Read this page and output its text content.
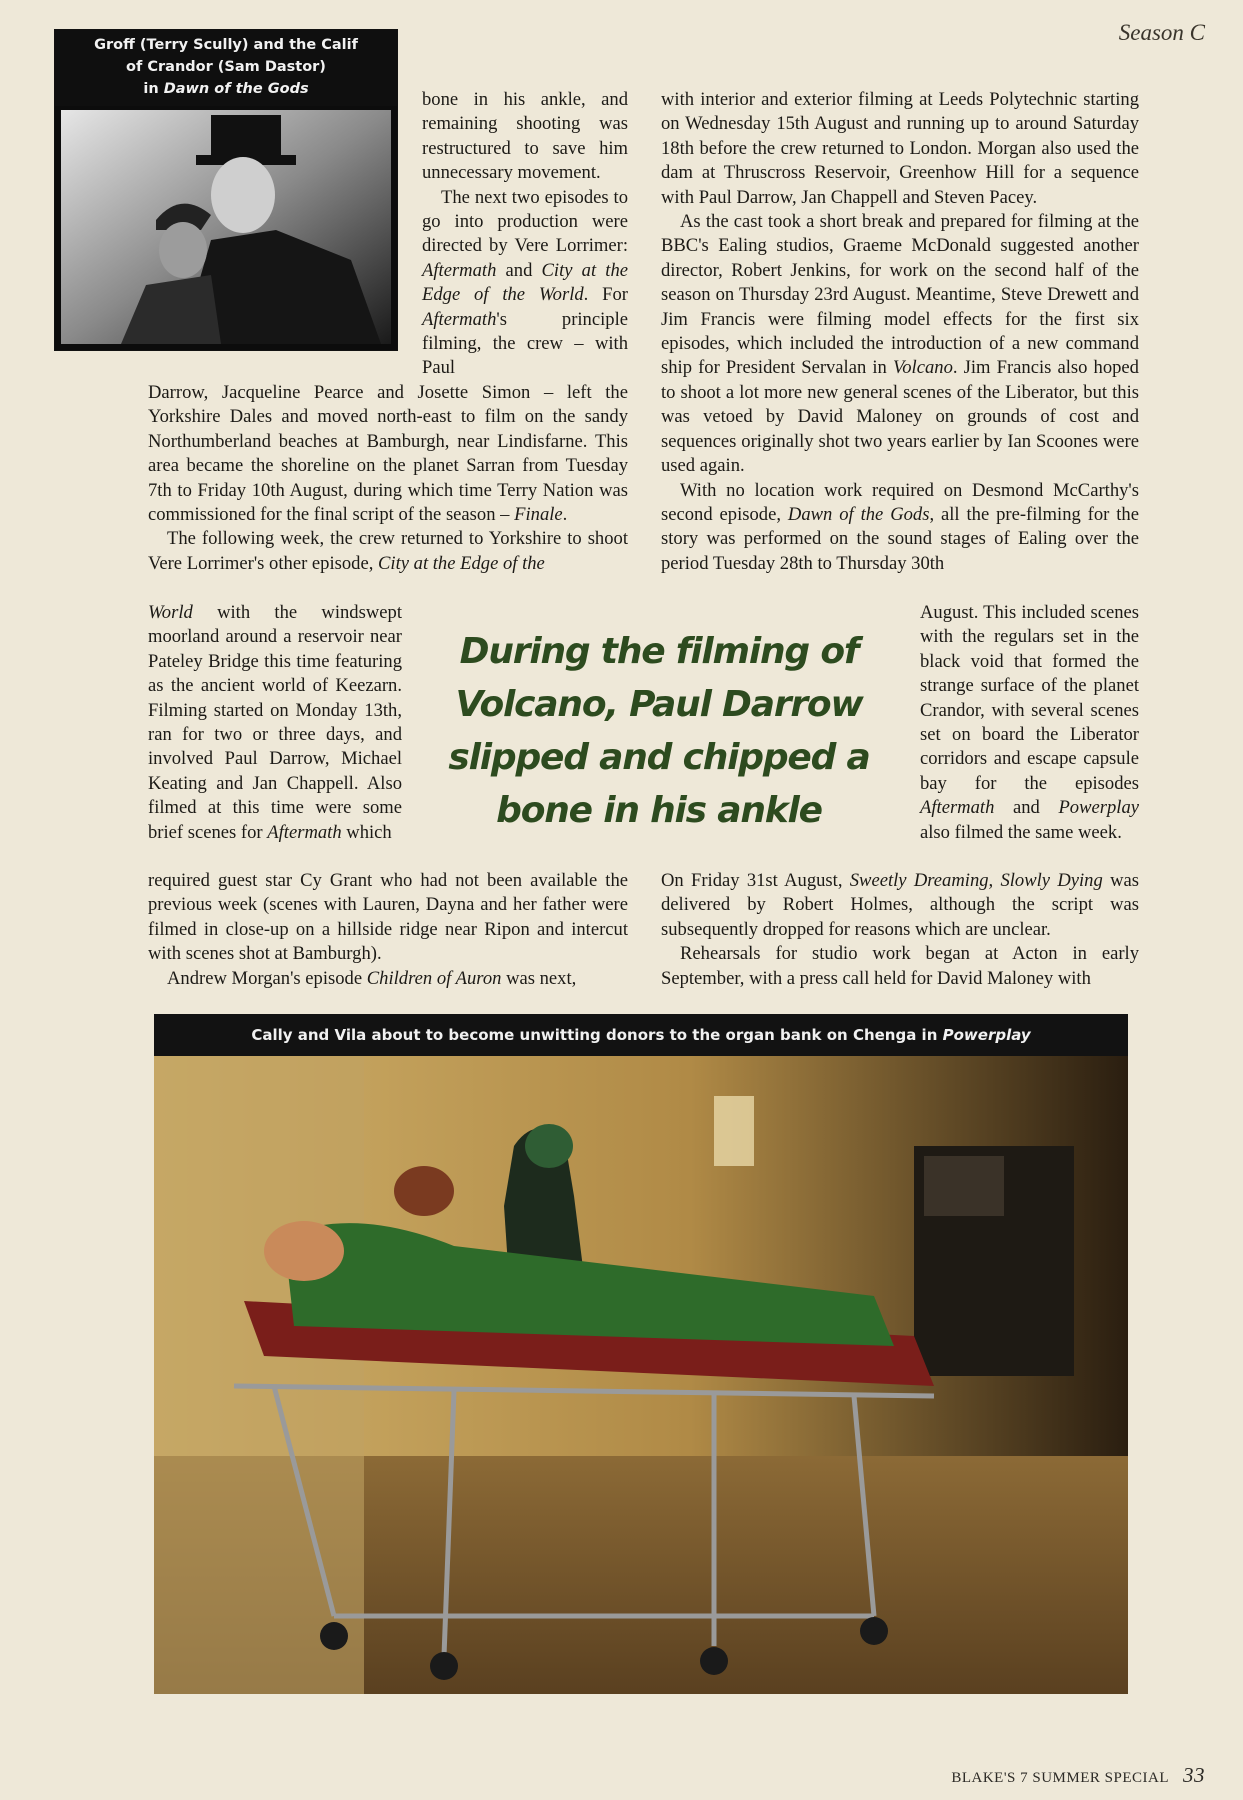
Season C
Groff (Terry Scully) and the Calif
of Crandor (Sam Dastor)
in Dawn of the Gods	bone in his ankle, and remaining shooting was restructured to save him unnecessary movement.

The next two episodes to go into production were directed by Vere Lorrimer: Aftermath and City at the Edge of the World. For Aftermath's principle filming, the crew – with Paul

Darrow, Jacqueline Pearce and Josette Simon – left the Yorkshire Dales and moved north-east to film on the sandy Northumberland beaches at Bamburgh, near Lindisfarne. This area became the shoreline on the planet Sarran from Tuesday 7th to Friday 10th August, during which time Terry Nation was commissioned for the final script of the season – Finale.

The following week, the crew returned to Yorkshire to shoot Vere Lorrimer's other episode, City at the Edge of the

World with the windswept moorland around a reservoir near Pateley Bridge this time featuring as the ancient world of Keezarn. Filming started on Monday 13th, ran for two or three days, and involved Paul Darrow, Michael Keating and Jan Chappell. Also filmed at this time were some brief scenes for Aftermath which

required guest star Cy Grant who had not been available the previous week (scenes with Lauren, Dayna and her father were filmed in close-up on a hillside ridge near Ripon and intercut with scenes shot at Bamburgh).

Andrew Morgan's episode Children of Auron was next,

with interior and exterior filming at Leeds Polytechnic starting on Wednesday 15th August and running up to around Saturday 18th before the crew returned to London. Morgan also used the dam at Thruscross Reservoir, Greenhow Hill for a sequence with Paul Darrow, Jan Chappell and Steven Pacey.

As the cast took a short break and prepared for filming at the BBC's Ealing studios, Graeme McDonald suggested another director, Robert Jenkins, for work on the second half of the season on Thursday 23rd August. Meantime, Steve Drewett and Jim Francis were filming model effects for the first six episodes, which included the introduction of a new command ship for President Servalan in Volcano. Jim Francis also hoped to shoot a lot more new general scenes of the Liberator, but this was vetoed by David Maloney on grounds of cost and sequences originally shot two years earlier by Ian Scoones were used again.

With no location work required on Desmond McCarthy's second episode, Dawn of the Gods, all the pre-filming for the story was performed on the sound stages of Ealing over the period Tuesday 28th to Thursday 30th

August. This included scenes with the regulars set in the black void that formed the strange surface of the planet Crandor, with several scenes set on board the Liberator corridors and escape capsule bay for the episodes Aftermath and Powerplay also filmed the same week.

On Friday 31st August, Sweetly Dreaming, Slowly Dying was delivered by Robert Holmes, although the script was subsequently dropped for reasons which are unclear.

Rehearsals for studio work began at Acton in early September, with a press call held for David Maloney with

During the filming of
Volcano, Paul Darrow
slipped and chipped a
bone in his ankle
Cally and Vila about to become unwitting donors to the organ bank on Chenga in Powerplay
BLAKE'S 7 SUMMER SPECIAL 33
